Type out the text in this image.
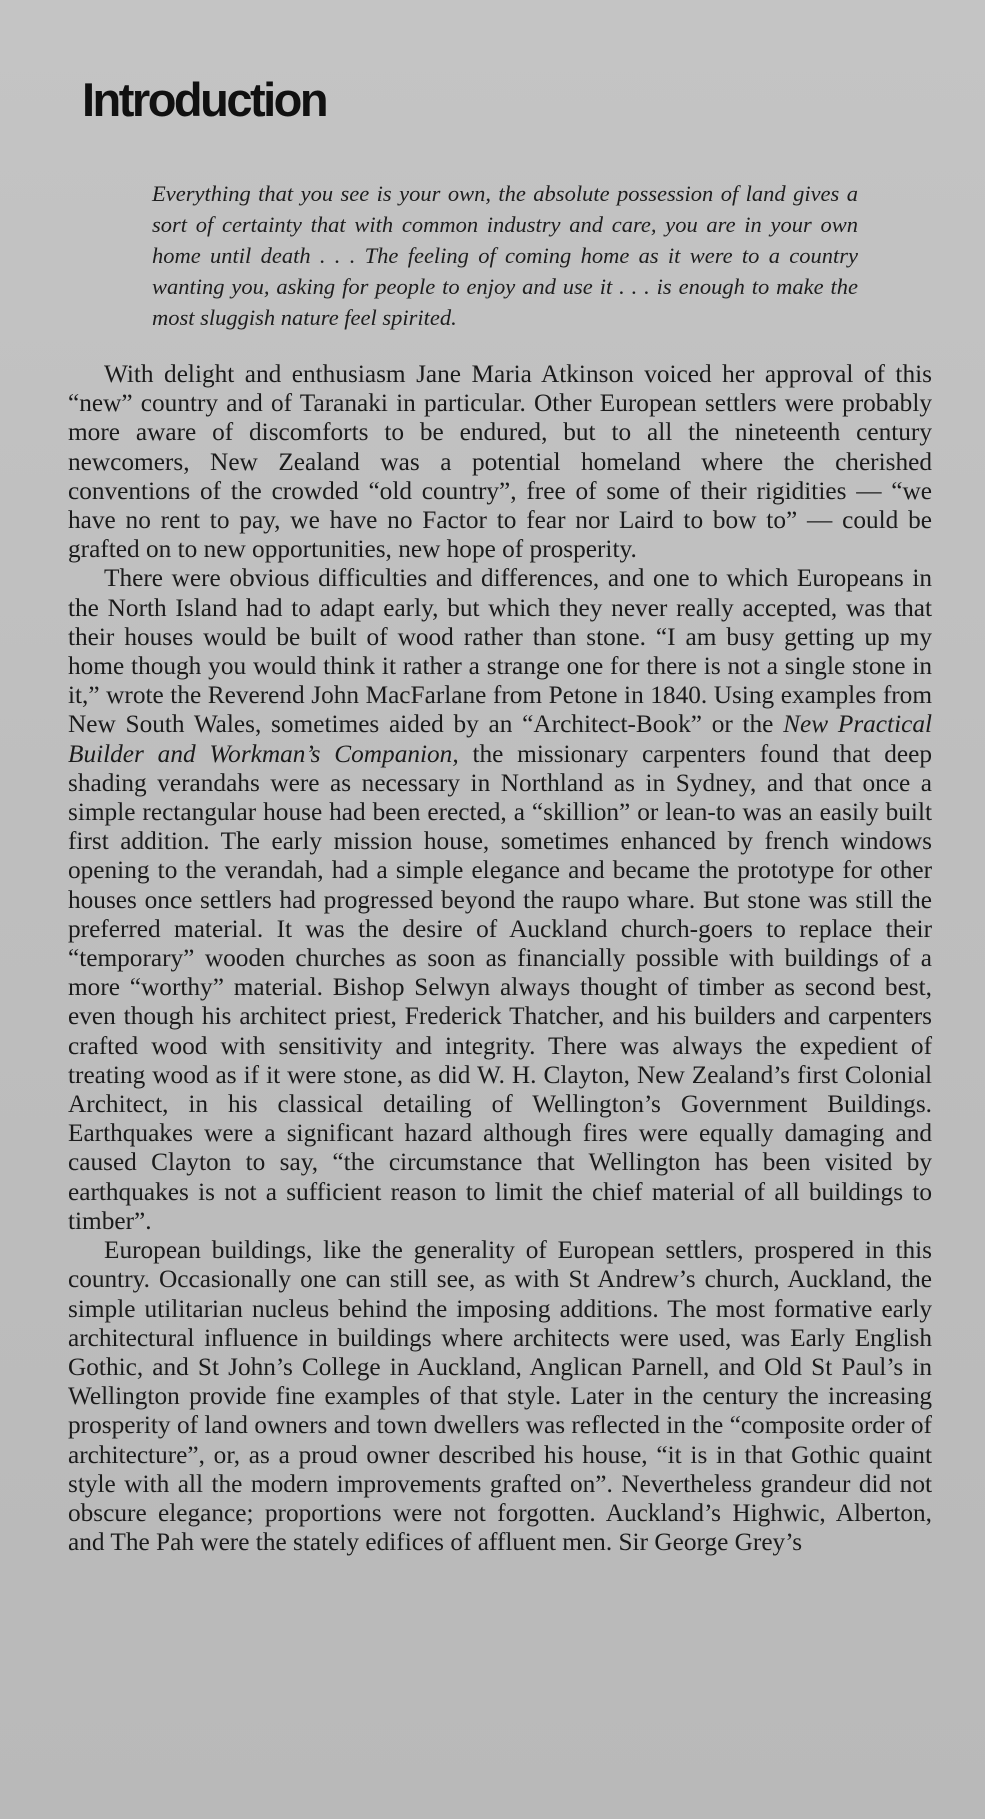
Introduction

Everything that you see is your own, the absolute possession of land gives a sort of certainty that with common industry and care, you are in your own home until death . . . The feeling of coming home as it were to a country wanting you, asking for people to enjoy and use it . . . is enough to make the most sluggish nature feel spirited.

With delight and enthusiasm Jane Maria Atkinson voiced her approval of this “new” country and of Taranaki in particular. Other European settlers were probably more aware of discomforts to be endured, but to all the nineteenth century newcomers, New Zealand was a potential homeland where the cherished conventions of the crowded “old country”, free of some of their rigidities — “we have no rent to pay, we have no Factor to fear nor Laird to bow to” — could be grafted on to new opportunities, new hope of prosperity.

There were obvious difficulties and differences, and one to which Europeans in the North Island had to adapt early, but which they never really accepted, was that their houses would be built of wood rather than stone. “I am busy getting up my home though you would think it rather a strange one for there is not a single stone in it,” wrote the Reverend John MacFarlane from Petone in 1840. Using examples from New South Wales, sometimes aided by an “Architect-Book” or the New Practical Builder and Workman’s Companion, the missionary carpenters found that deep shading verandahs were as necessary in Northland as in Sydney, and that once a simple rectangular house had been erected, a “skillion” or lean-to was an easily built first addition. The early mission house, sometimes enhanced by french windows opening to the verandah, had a simple elegance and became the prototype for other houses once settlers had progressed beyond the raupo whare. But stone was still the preferred material. It was the desire of Auckland church-goers to replace their “temporary” wooden churches as soon as financially possible with buildings of a more “worthy” material. Bishop Selwyn always thought of timber as second best, even though his architect priest, Frederick Thatcher, and his builders and carpenters crafted wood with sensitivity and integrity. There was always the expedient of treating wood as if it were stone, as did W. H. Clayton, New Zealand’s first Colonial Architect, in his classical detailing of Wellington’s Government Buildings. Earthquakes were a significant hazard although fires were equally damaging and caused Clayton to say, “the circumstance that Wellington has been visited by earthquakes is not a sufficient reason to limit the chief material of all buildings to timber”.

European buildings, like the generality of European settlers, prospered in this country. Occasionally one can still see, as with St Andrew’s church, Auckland, the simple utilitarian nucleus behind the imposing additions. The most formative early architectural influence in buildings where architects were used, was Early English Gothic, and St John’s College in Auckland, Anglican Parnell, and Old St Paul’s in Wellington provide fine examples of that style. Later in the century the increasing prosperity of land owners and town dwellers was reflected in the “composite order of architecture”, or, as a proud owner described his house, “it is in that Gothic quaint style with all the modern improvements grafted on”. Nevertheless grandeur did not obscure elegance; proportions were not forgotten. Auckland’s Highwic, Alberton, and The Pah were the stately edifices of affluent men. Sir George Grey’s
